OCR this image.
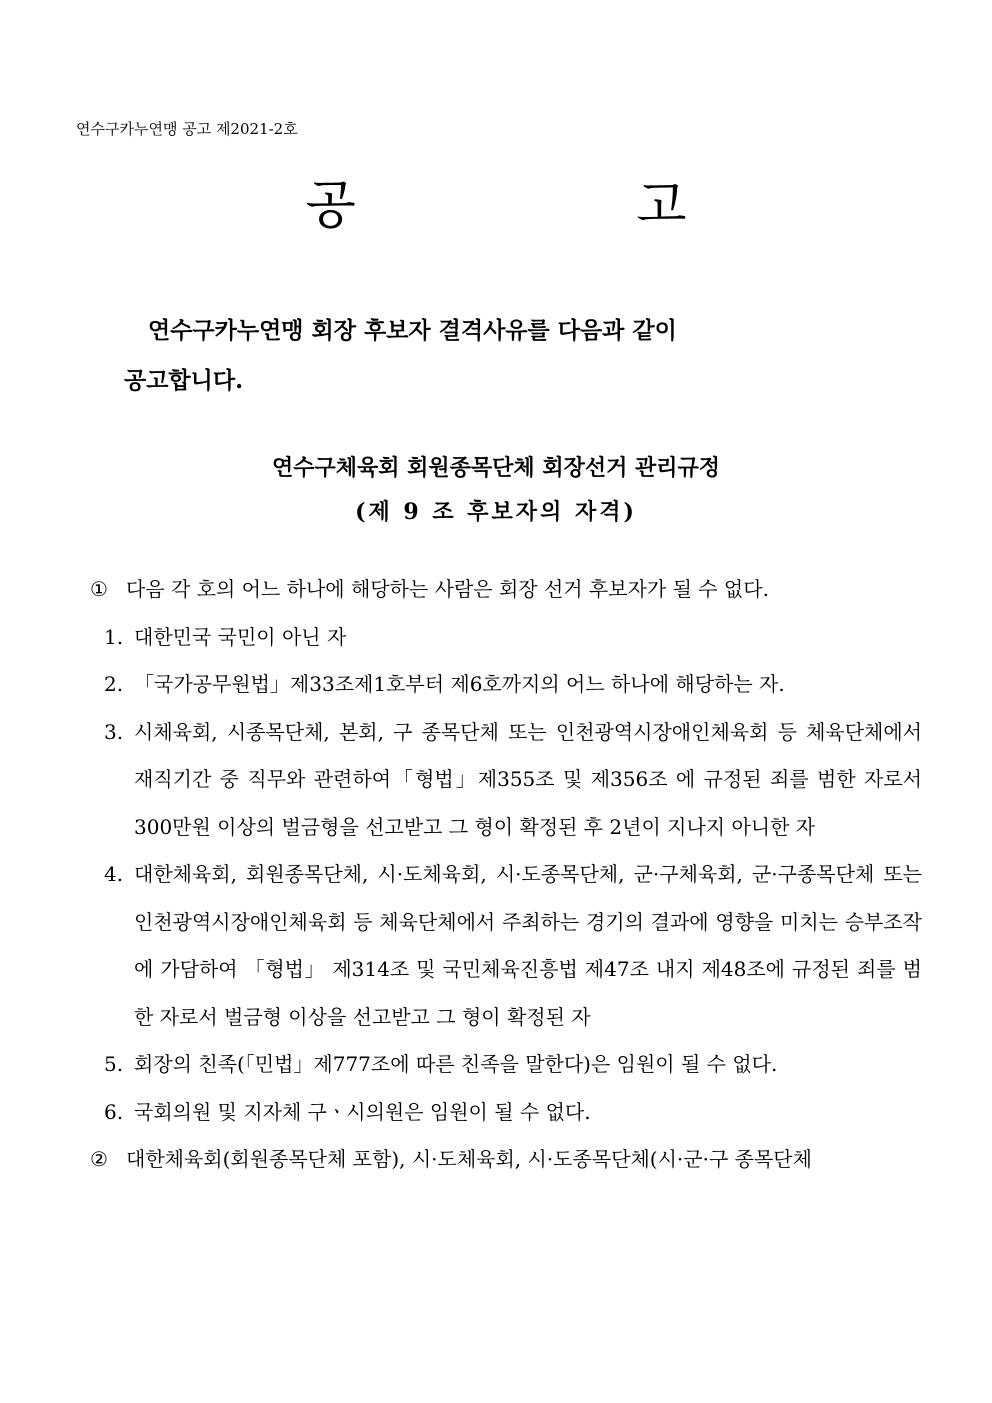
연수구카누연맹 공고 제2021-2호
공 고
연수구카누연맹 회장 후보자 결격사유를 다음과 같이
공고합니다.
연수구체육회 회원종목단체 회장선거 관리규정
(제 9 조 후보자의 자격)
① 다음 각 호의 어느 하나에 해당하는 사람은 회장 선거 후보자가 될 수 없다.
1. 대한민국 국민이 아닌 자
2. 「국가공무원법」제33조제1호부터 제6호까지의 어느 하나에 해당하는 자.
3. 시체육회, 시종목단체, 본회, 구 종목단체 또는 인천광역시장애인체육회 등 체육단체에서 재직기간 중 직무와 관련하여「형법」제355조 및 제356조 에 규정된 죄를 범한 자로서 300만원 이상의 벌금형을 선고받고 그 형이 확정된 후 2년이 지나지 아니한 자
4. 대한체육회, 회원종목단체, 시·도체육회, 시·도종목단체, 군·구체육회, 군·구종목단체 또는 인천광역시장애인체육회 등 체육단체에서 주최하는 경기의 결과에 영향을 미치는 승부조작에 가담하여 「형법」 제314조 및 국민체육진흥법 제47조 내지 제48조에 규정된 죄를 범한 자로서 벌금형 이상을 선고받고 그 형이 확정된 자
5. 회장의 친족(「민법」제777조에 따른 친족을 말한다)은 임원이 될 수 없다.
6. 국회의원 및 지자체 구ㆍ시의원은 임원이 될 수 없다.
② 대한체육회(회원종목단체 포함), 시·도체육회, 시·도종목단체(시·군·구 종목단체
